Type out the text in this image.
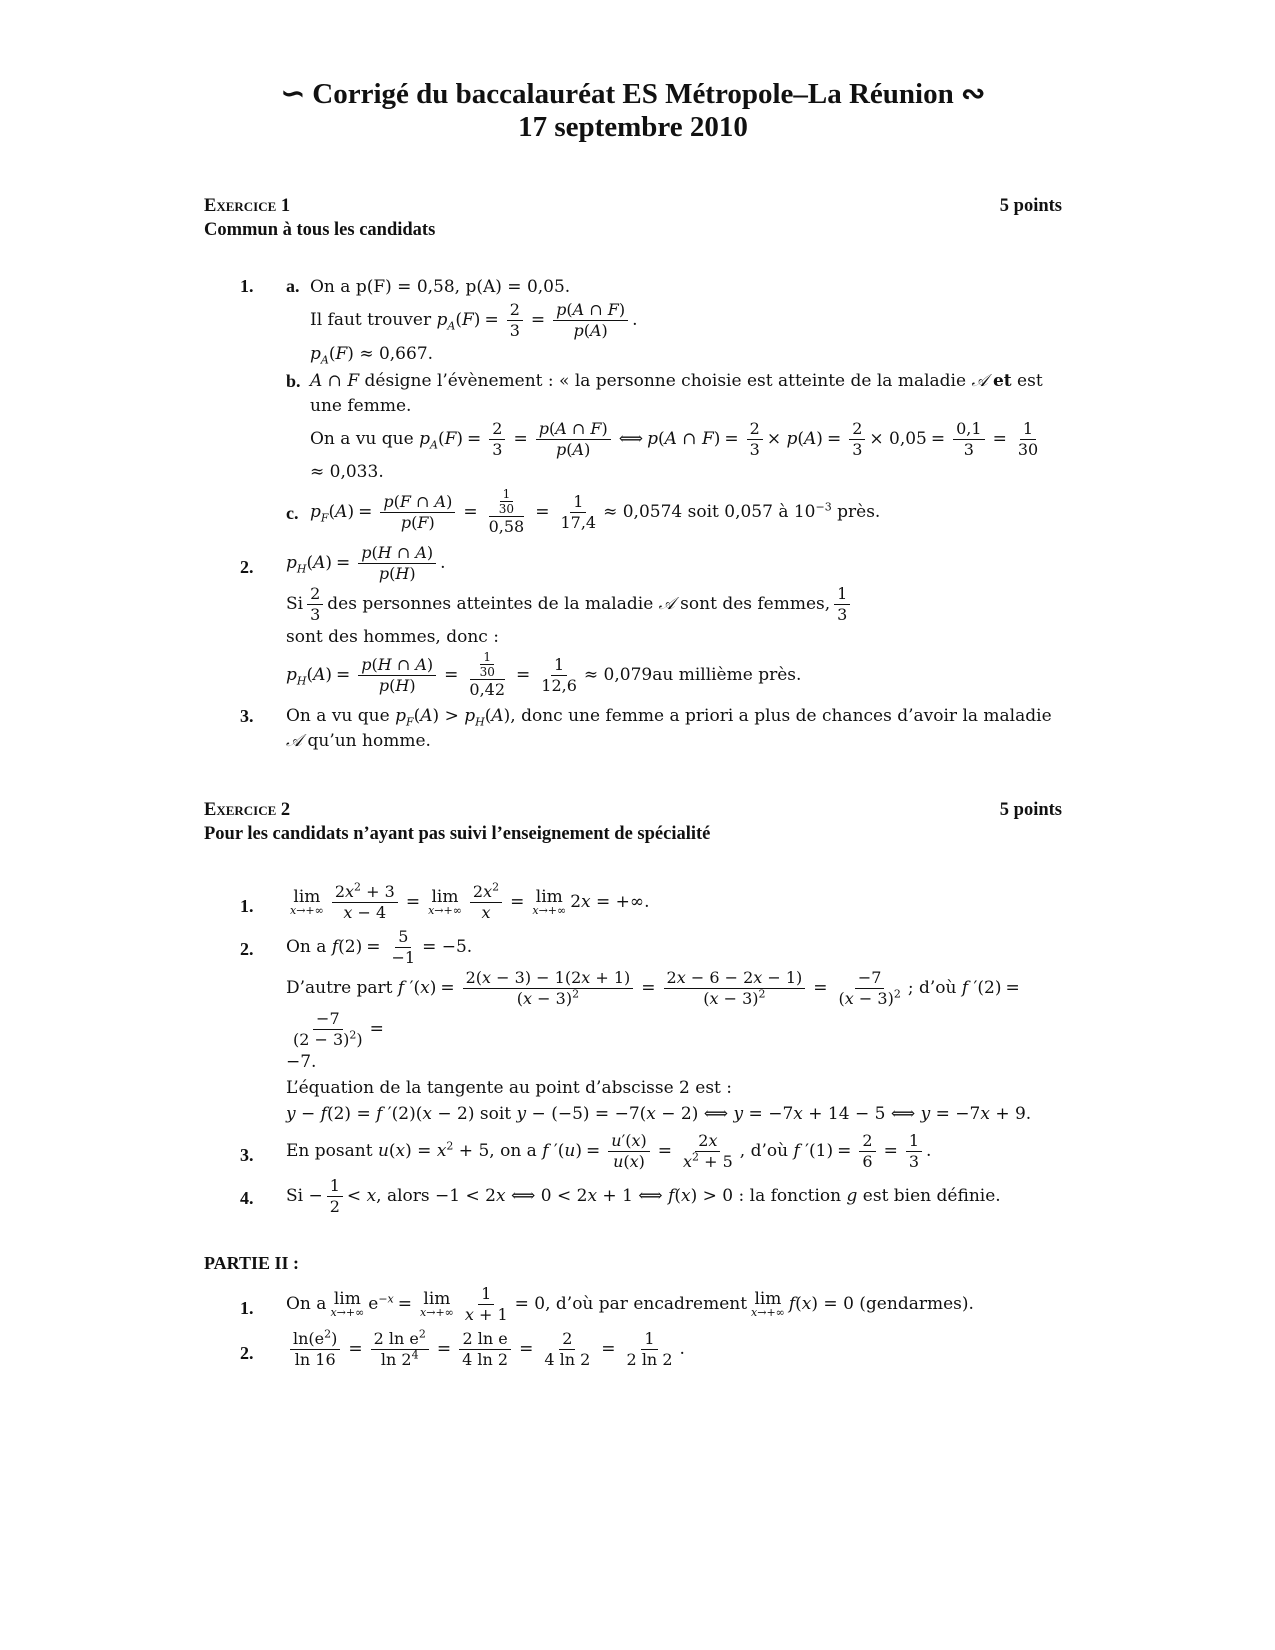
∽ Corrigé du baccalauréat ES Métropole–La Réunion ∾
17 septembre 2010

Exercice 1	5 points
Commun à tous les candidats
1.	a. On a p(F) = 0,58, p(A) = 0,05.
Il faut trouver $p_A(F) = \frac{2}{3} = \frac{p(A \cap F)}{p(A)}$ .
$p_A(F) \approx 0,667$.
b. A ∩ F désigne l’évènement : « la personne choisie est atteinte de la maladie 𝒜 et est une femme.
On a vu que $p_A(F) = \frac{2}{3} = \frac{p(A \cap F)}{p(A)}$ ⟺ p(A ∩ $F) = \frac{2}{3} \times p(A) = \frac{2}{3} \times 0,05 = \frac{0,1}{3} = \frac{1}{30}$
≈ 0,033.
c. $p_F(A) = \frac{p(F \cap A)}{p(F)} = \frac{\frac{1}{30}}{0,58} = \frac{1}{17,4} \approx 0,0574$ soit 0,057 à $10^{-3}$ près.
2.	$p_H(A) = \frac{p(H \cap A)}{p(H)}$ .
Si $\frac{2}{3}$ des personnes atteintes de la maladie 𝒜 sont des femmes, $\frac{1}{3}$
sont des hommes, donc :
$p_H(A) = \frac{p(H \cap A)}{p(H)} = \frac{\frac{1}{30}}{0,42} = \frac{1}{12,6} \approx 0,079au$ millième près.
3.	On a vu que $p_F(A) > p_H(A)$, donc une femme a priori a plus de chances d’avoir la maladie 𝒜 qu’un homme.
Exercice 2	5 points
Pour les candidats n’ayant pas suivi l’enseignement de spécialité
1.	lim
$x\to+\infty \frac{2x^2 + 3}{x - 4} = \lim$
$x\to+\infty \frac{2x^2}{x} = \lim$
x→+∞ 2x = +∞.
2.	On a $f(2) = \frac{5}{-1} = -5$.
D’autre part f $'(x) = \frac{2(x - 3) - 1(2x + 1)}{(x - 3)^2} = \frac{2x - 6 - 2x - 1)}{(x - 3)^2} = \frac{-7}{(x - 3)^2}$ ; d’où f ′(2) =
$\frac{-7}{(2 - 3)^2)}$ =
−7.
L’équation de la tangente au point d’abscisse 2 est :
y − f(2) = f ′(2)(x − 2) soit y − (−5) = −7(x − 2) ⟺ y = −7x + 14 − 5 ⟺ y = −7x + 9.
3.	En posant $u(x) = x^2 + 5$, on a f $'(u) = \frac{u'(x)}{u(x)} = \frac{2x}{x^2 + 5}$ , d’où f $'(1) = \frac{2}{6} = \frac{1}{3}$ .
4.	$Si - \frac{1}{2} < x$, alors −1 < 2x ⟺ 0 < 2x + 1 ⟺ f(x) > 0 : la fonction g est bien définie.
PARTIE II :
1.	On a lim
x→+∞ $e^{-x} = \lim$
$x\to+\infty \frac{1}{x + 1} = 0$, d’où par encadrement lim
x→+∞ f(x) = 0 (gendarmes).
2.	$\frac{\ln(e^2)}{\ln 16} = \frac{2 \ln e^2}{\ln 2^4} = \frac{\text{2 ln e}}{4 \ln 2} = \frac{2}{4 \ln 2} = \frac{1}{2 \ln 2}$ .
